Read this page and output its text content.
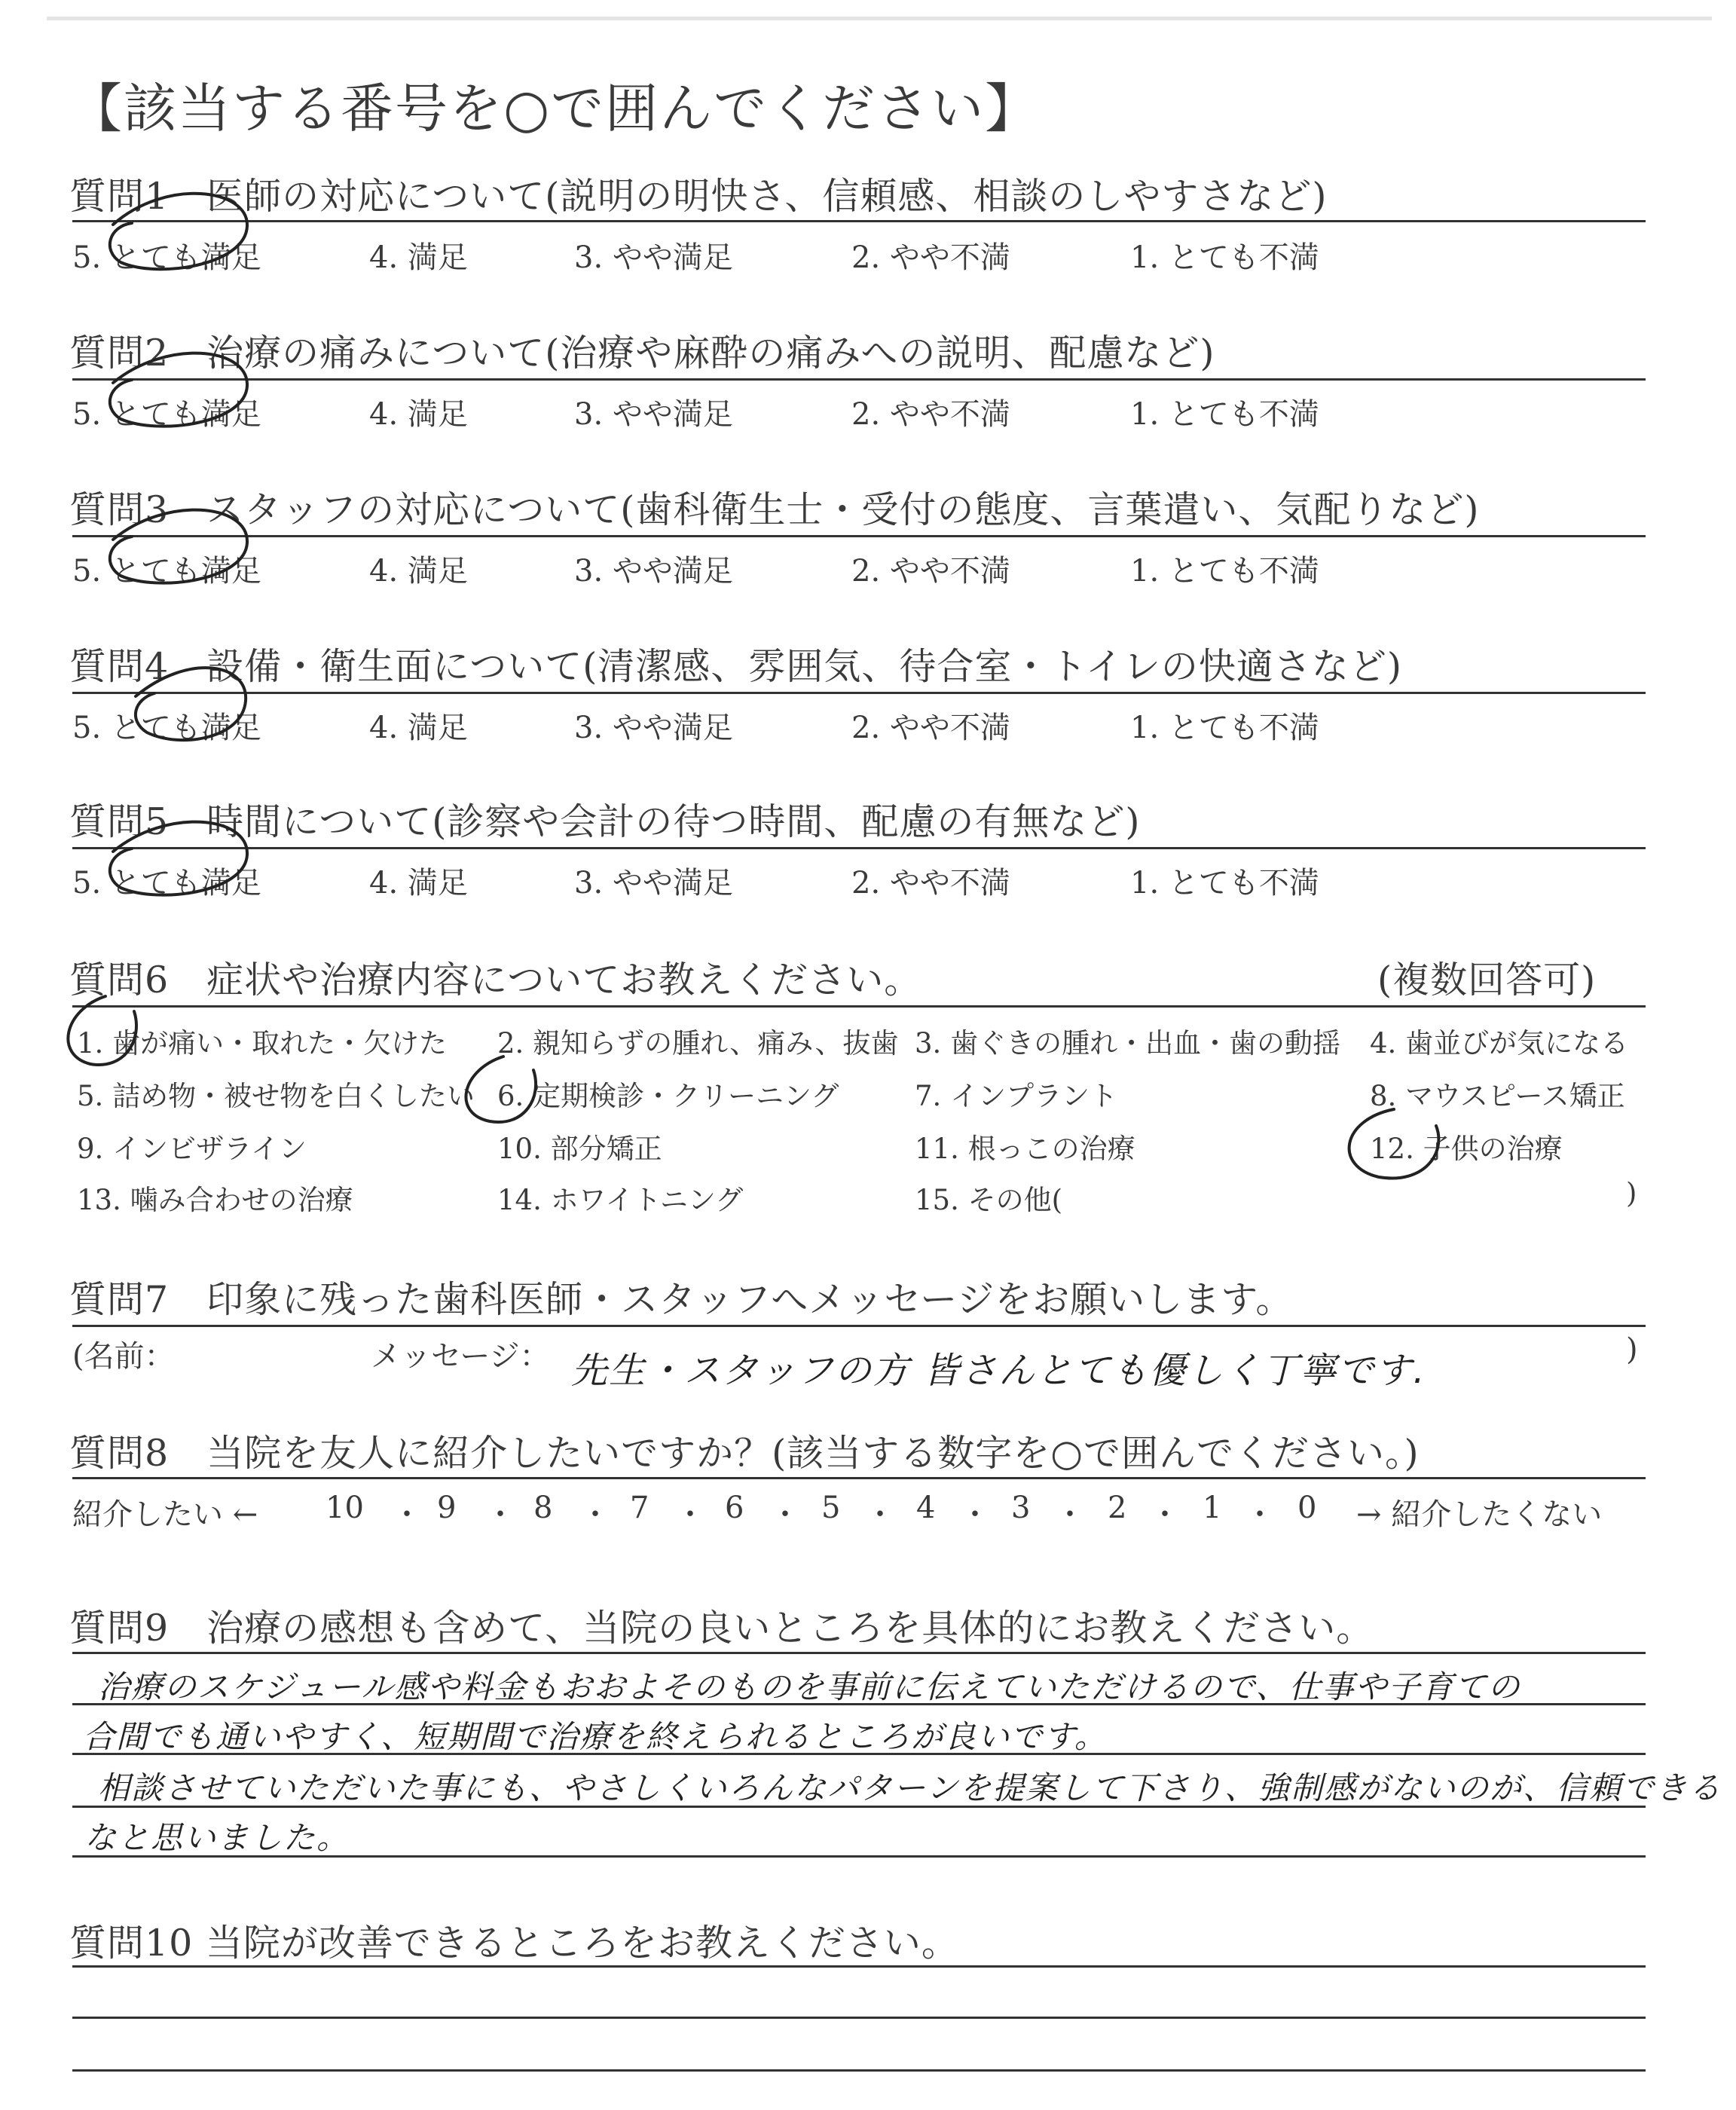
【該当する番号を○で囲んでください】
質問1　医師の対応について(説明の明快さ、信頼感、相談のしやすさなど)
5. とても満足	4. 満足	3. やや満足	2. やや不満	1. とても不満
質問2　治療の痛みについて(治療や麻酔の痛みへの説明、配慮など)
5. とても満足	4. 満足	3. やや満足	2. やや不満	1. とても不満
質問3　スタッフの対応について(歯科衛生士・受付の態度、言葉遣い、気配りなど)
5. とても満足	4. 満足	3. やや満足	2. やや不満	1. とても不満
質問4　設備・衛生面について(清潔感、雰囲気、待合室・トイレの快適さなど)
5. とても満足	4. 満足	3. やや満足	2. やや不満	1. とても不満
質問5　時間について(診察や会計の待つ時間、配慮の有無など)
5. とても満足	4. 満足	3. やや満足	2. やや不満	1. とても不満
質問6　症状や治療内容についてお教えください。	(複数回答可)
1. 歯が痛い・取れた・欠けた 2. 親知らずの腫れ、痛み、抜歯 3. 歯ぐきの腫れ・出血・歯の動揺 4. 歯並びが気になる
5. 詰め物・被せ物を白くしたい 6. 定期検診・クリーニング	7. インプラント	8. マウスピース矯正
9. インビザライン	10. 部分矯正	11. 根っこの治療	12. 子供の治療
13. 噛み合わせの治療	14. ホワイトニング	15. その他(	)
質問7　印象に残った歯科医師・スタッフへメッセージをお願いします。
(名前：	メッセージ： 先生・スタッフの方 皆さんとても優しく丁寧です.	)
質問8　当院を友人に紹介したいですか？(該当する数字を○で囲んでください。)
紹介したい ← 10 ・ 9 ・ 8 ・ 7 ・ 6 ・ 5 ・ 4 ・ 3 ・ 2 ・ 1 ・ 0 → 紹介したくない
質問9　治療の感想も含めて、当院の良いところを具体的にお教えください。
治療のスケジュール感や料金もおおよそのものを事前に伝えていただけるので、仕事や子育ての
合間でも通いやすく、短期間で治療を終えられるところが良いです。
相談させていただいた事にも、やさしくいろんなパターンを提案して下さり、強制感がないのが、信頼できる
なと思いました。
質問10 当院が改善できるところをお教えください。
